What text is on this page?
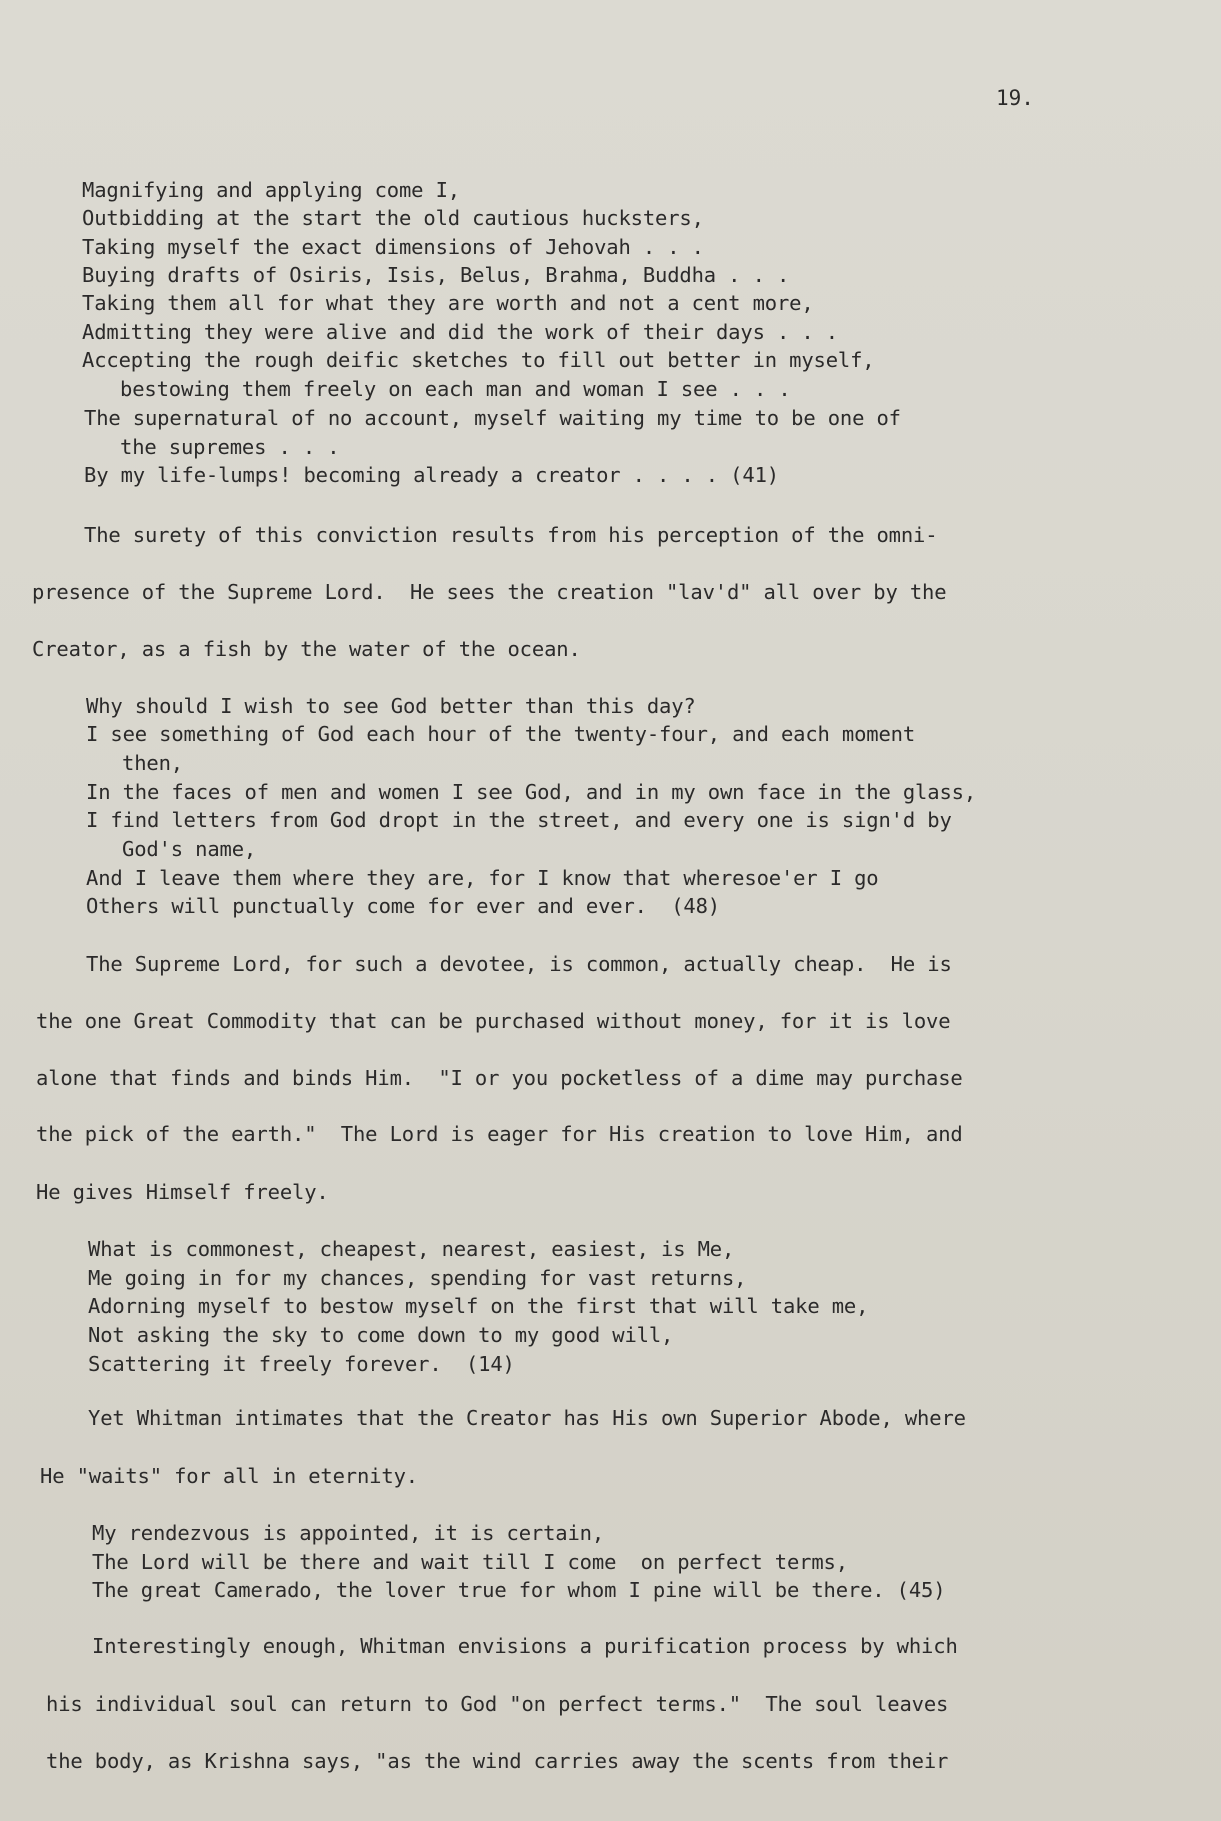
19.
Magnifying and applying come I,
Outbidding at the start the old cautious hucksters,
Taking myself the exact dimensions of Jehovah . . .
Buying drafts of Osiris, Isis, Belus, Brahma, Buddha . . .
Taking them all for what they are worth and not a cent more,
Admitting they were alive and did the work of their days . . .
Accepting the rough deific sketches to fill out better in myself,
bestowing them freely on each man and woman I see . . .
The supernatural of no account, myself waiting my time to be one of
the supremes . . .
By my life-lumps! becoming already a creator . . . . (41)
The surety of this conviction results from his perception of the omni-
presence of the Supreme Lord.  He sees the creation "lav'd" all over by the
Creator, as a fish by the water of the ocean.
Why should I wish to see God better than this day?
I see something of God each hour of the twenty-four, and each moment
then,
In the faces of men and women I see God, and in my own face in the glass,
I find letters from God dropt in the street, and every one is sign'd by
God's name,
And I leave them where they are, for I know that wheresoe'er I go
Others will punctually come for ever and ever.  (48)
The Supreme Lord, for such a devotee, is common, actually cheap.  He is
the one Great Commodity that can be purchased without money, for it is love
alone that finds and binds Him.  "I or you pocketless of a dime may purchase
the pick of the earth."  The Lord is eager for His creation to love Him, and
He gives Himself freely.
What is commonest, cheapest, nearest, easiest, is Me,
Me going in for my chances, spending for vast returns,
Adorning myself to bestow myself on the first that will take me,
Not asking the sky to come down to my good will,
Scattering it freely forever.  (14)
Yet Whitman intimates that the Creator has His own Superior Abode, where
He "waits" for all in eternity.
My rendezvous is appointed, it is certain,
The Lord will be there and wait till I come  on perfect terms,
The great Camerado, the lover true for whom I pine will be there. (45)
Interestingly enough, Whitman envisions a purification process by which
his individual soul can return to God "on perfect terms."  The soul leaves
the body, as Krishna says, "as the wind carries away the scents from their
